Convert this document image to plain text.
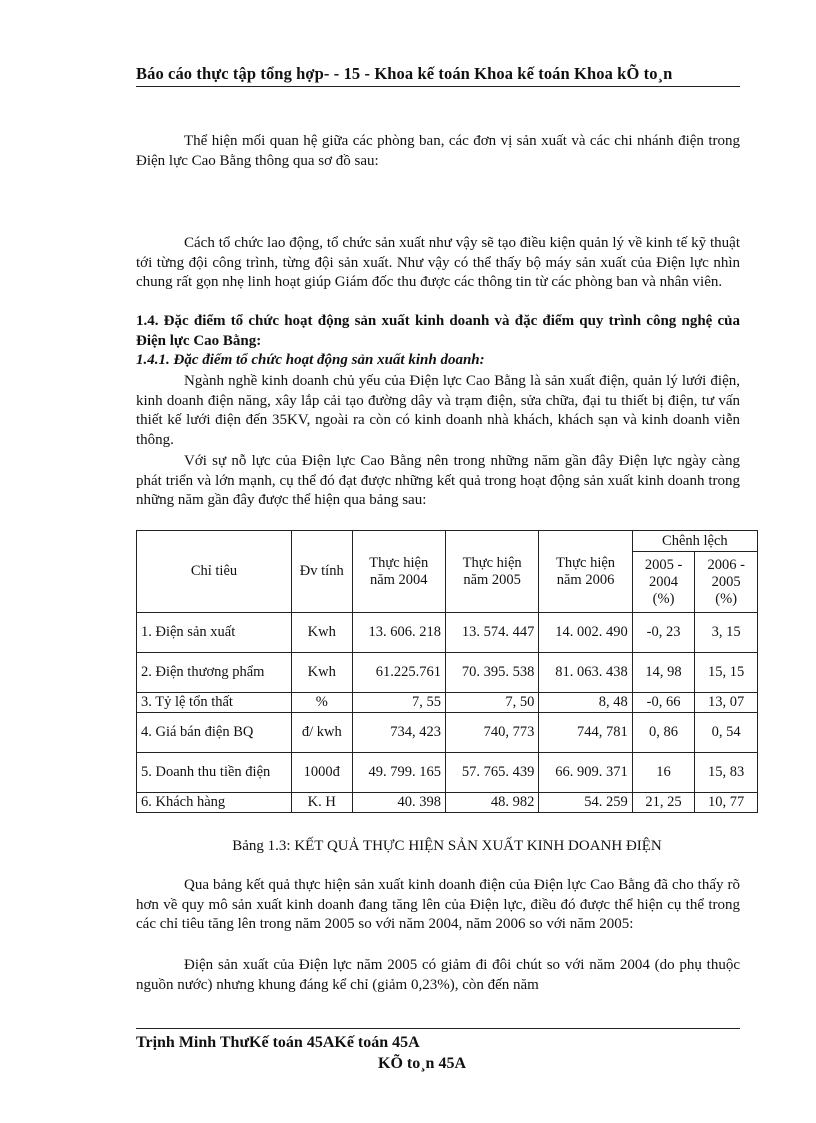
Báo cáo thực tập tổng hợp- - 15 - Khoa kế toán Khoa kế toán Khoa kÕ to¸n

Thể hiện mối quan hệ giữa các phòng ban, các đơn vị sản xuất và các chi nhánh điện trong Điện lực Cao Bằng thông qua sơ đồ sau:

Cách tổ chức lao động, tổ chức sản xuất như vậy sẽ tạo điều kiện quản lý về kinh tế kỹ thuật tới từng đội công trình, từng đội sản xuất. Như vậy có thể thấy bộ máy sản xuất của Điện lực nhìn chung rất gọn nhẹ linh hoạt giúp Giám đốc thu được các thông tin từ các phòng ban và nhân viên.

1.4. Đặc điểm tổ chức hoạt động sản xuất kinh doanh và đặc điểm quy trình công nghệ của Điện lực Cao Bằng:

1.4.1. Đặc điểm tổ chức hoạt động sản xuất kinh doanh:

Ngành nghề kinh doanh chủ yếu của Điện lực Cao Bằng là sản xuất điện, quản lý lưới điện, kinh doanh điện năng, xây lắp cải tạo đường dây và trạm điện, sửa chữa, đại tu thiết bị điện, tư vấn thiết kế lưới điện đến 35KV, ngoài ra còn có kinh doanh nhà khách, khách sạn và kinh doanh viễn thông.

Với sự nỗ lực của Điện lực Cao Bằng nên trong những năm gần đây Điện lực ngày càng phát triển và lớn mạnh, cụ thể đó đạt được những kết quả trong hoạt động sản xuất kinh doanh trong những năm gần đây được thể hiện qua bảng sau:

Chỉ tiêu	Đv tính	Thực hiện năm 2004	Thực hiện năm 2005	Thực hiện năm 2006	Chênh lệch	
					2005 - 2004 (%)	2006 - 2005 (%)
1. Điện sản xuất	Kwh	13. 606. 218	13. 574. 447	14. 002. 490	-0, 23	3, 15
2. Điện thương phẩm	Kwh	61.225.761	70. 395. 538	81. 063. 438	14, 98	15, 15
3. Tỷ lệ tổn thất	%	7, 55	7, 50	8, 48	-0, 66	13, 07
4. Giá bán điện BQ	đ/ kwh	734, 423	740, 773	744, 781	0, 86	0, 54
5. Doanh thu tiền điện	1000đ	49. 799. 165	57. 765. 439	66. 909. 371	16	15, 83
6. Khách hàng	K. H	40. 398	48. 982	54. 259	21, 25	10, 77
Bảng 1.3: KẾT QUẢ THỰC HIỆN SẢN XUẤT KINH DOANH ĐIỆN

Qua bảng kết quả thực hiện sản xuất kinh doanh điện của Điện lực Cao Bằng đã cho thấy rõ hơn về quy mô sản xuất kinh doanh đang tăng lên của Điện lực, điều đó được thể hiện cụ thể trong các chỉ tiêu tăng lên trong năm 2005 so với năm 2004, năm 2006 so với năm 2005:

Điện sản xuất của Điện lực năm 2005 có giảm đi đôi chút so với năm 2004 (do phụ thuộc nguồn nước) nhưng khung đáng kể chỉ (giảm 0,23%), còn đến năm

Trịnh Minh ThưKế toán 45AKế toán 45A
KÕ to¸n 45A
